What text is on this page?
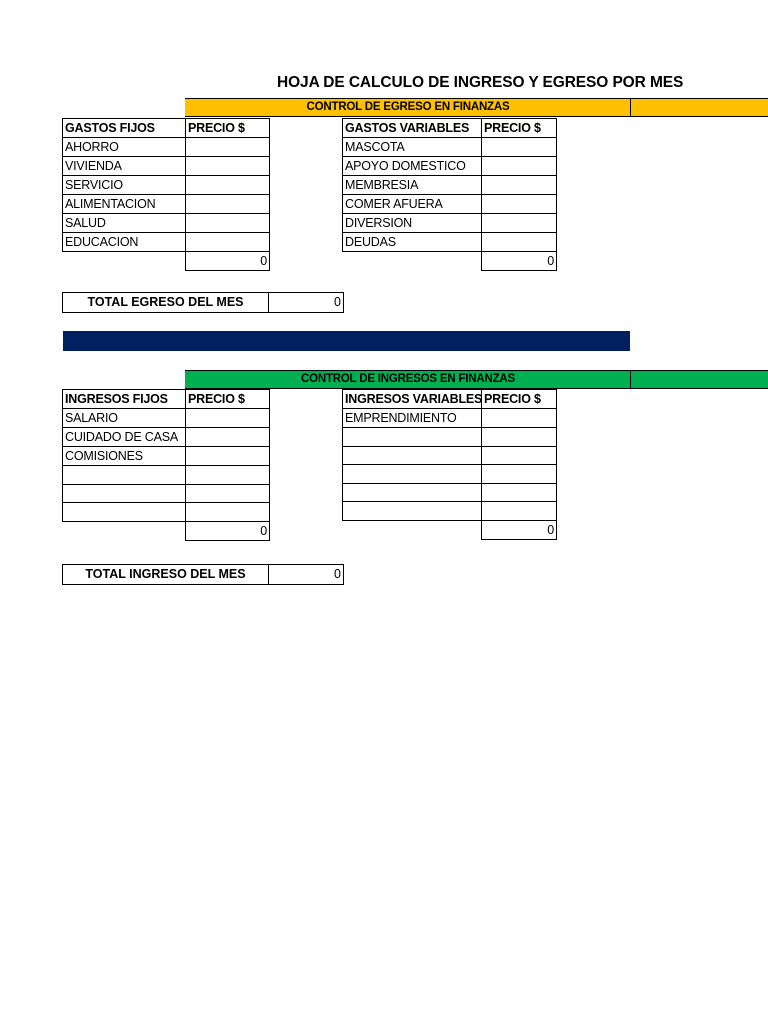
HOJA DE CALCULO DE INGRESO Y EGRESO POR MES
CONTROL DE EGRESO EN FINANZAS
GASTOS FIJOS	PRECIO $
AHORRO	
VIVIENDA	
SERVICIO	
ALIMENTACION	
SALUD	
EDUCACION	
	0
GASTOS VARIABLES	PRECIO $
MASCOTA	
APOYO DOMESTICO	
MEMBRESIA	
COMER AFUERA	
DIVERSION	
DEUDAS	
	0
TOTAL EGRESO DEL MES	0
CONTROL DE INGRESOS EN FINANZAS
INGRESOS FIJOS	PRECIO $
SALARIO	
CUIDADO DE CASA	
COMISIONES	

	0
INGRESOS VARIABLES	PRECIO $
EMPRENDIMIENTO	

	0
TOTAL INGRESO DEL MES	0
